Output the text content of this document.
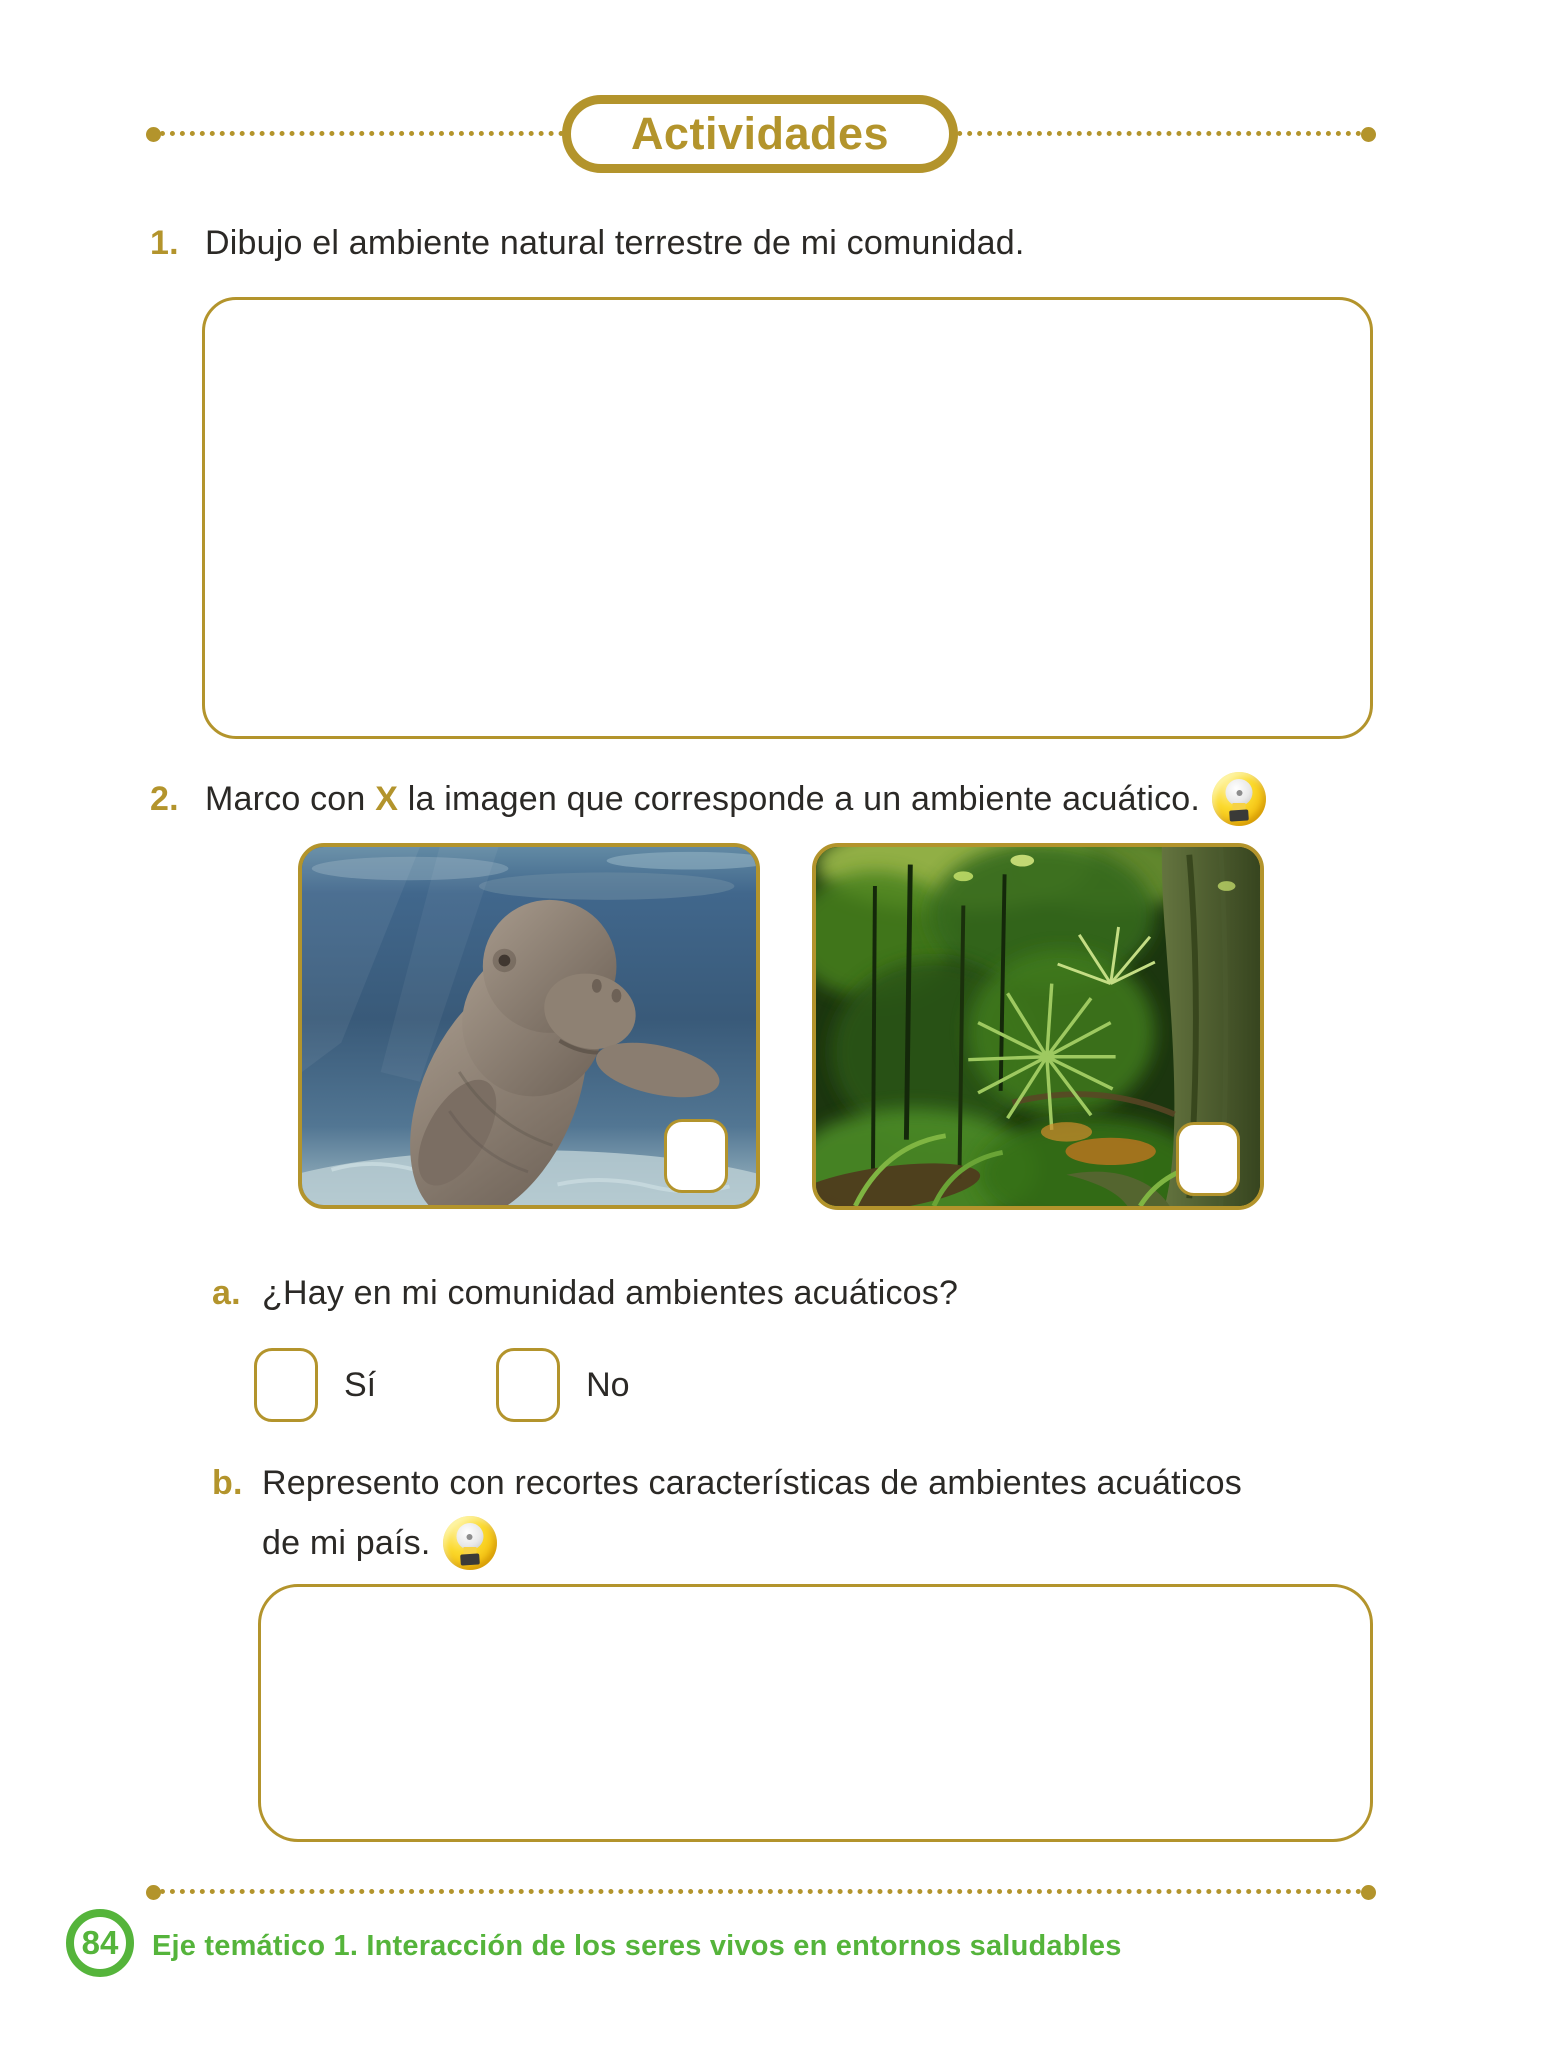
Actividades
1. Dibujo el ambiente natural terrestre de mi comunidad.
2. Marco con X la imagen que corresponde a un ambiente acuático.
a. ¿Hay en mi comunidad ambientes acuáticos?
Sí	No
b. Represento con recortes características de ambientes acuáticos
de mi país.
84 Eje temático 1. Interacción de los seres vivos en entornos saludables
